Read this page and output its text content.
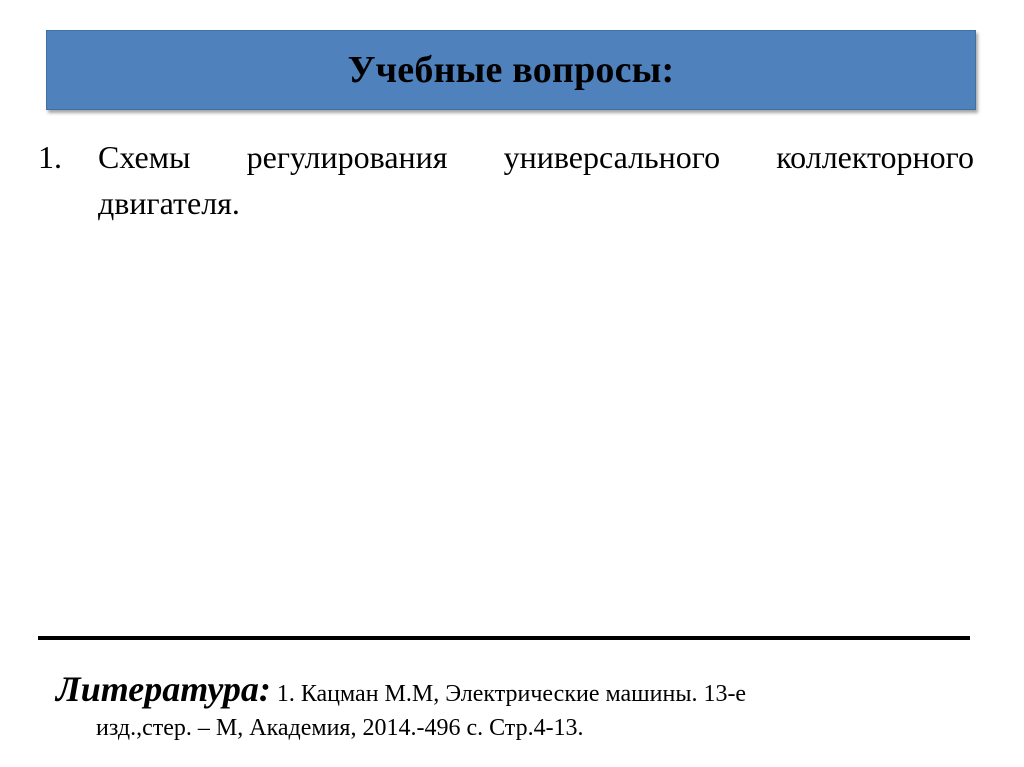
Учебные вопросы:
1.	Схемы регулирования универсального коллекторного двигателя.
Литература: 1. Кацман М.М, Электрические машины. 13-е
изд.,стер. – М, Академия, 2014.-496 с. Стр.4-13.
